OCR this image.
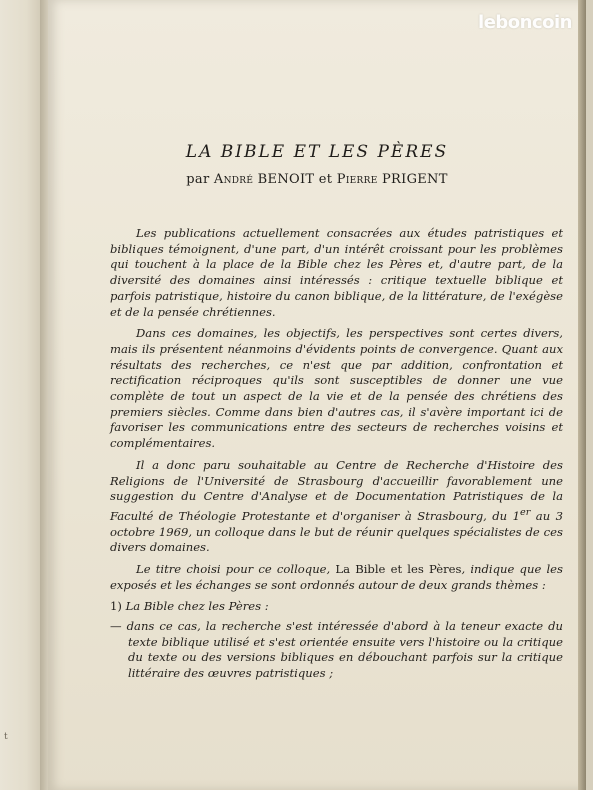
t
leboncoin
LA BIBLE ET LES PÈRES
par André BENOIT et Pierre PRIGENT

Les publications actuellement consacrées aux études patristiques et bibliques témoignent, d'une part, d'un intérêt croissant pour les problèmes qui touchent à la place de la Bible chez les Pères et, d'autre part, de la diversité des domaines ainsi intéressés : critique textuelle biblique et parfois patristique, histoire du canon biblique, de la littérature, de l'exégèse et de la pensée chrétiennes.

Dans ces domaines, les objectifs, les perspectives sont certes divers, mais ils présentent néanmoins d'évidents points de convergence. Quant aux résultats des recherches, ce n'est que par addition, confrontation et rectification réciproques qu'ils sont susceptibles de donner une vue complète de tout un aspect de la vie et de la pensée des chrétiens des premiers siècles. Comme dans bien d'autres cas, il s'avère important ici de favoriser les communications entre des secteurs de recherches voisins et complémentaires.

Il a donc paru souhaitable au Centre de Recherche d'Histoire des Religions de l'Université de Strasbourg d'accueillir favorablement une suggestion du Centre d'Analyse et de Documentation Patristiques de la Faculté de Théologie Protestante et d'organiser à Strasbourg, du 1er au 3 octobre 1969, un colloque dans le but de réunir quelques spécialistes de ces divers domaines.

Le titre choisi pour ce colloque, La Bible et les Pères, indique que les exposés et les échanges se sont ordonnés autour de deux grands thèmes :

1) La Bible chez les Pères :
— dans ce cas, la recherche s'est intéressée d'abord à la teneur exacte du texte biblique utilisé et s'est orientée ensuite vers l'histoire ou la critique du texte ou des versions bibliques en débouchant parfois sur la critique littéraire des œuvres patristiques ;
